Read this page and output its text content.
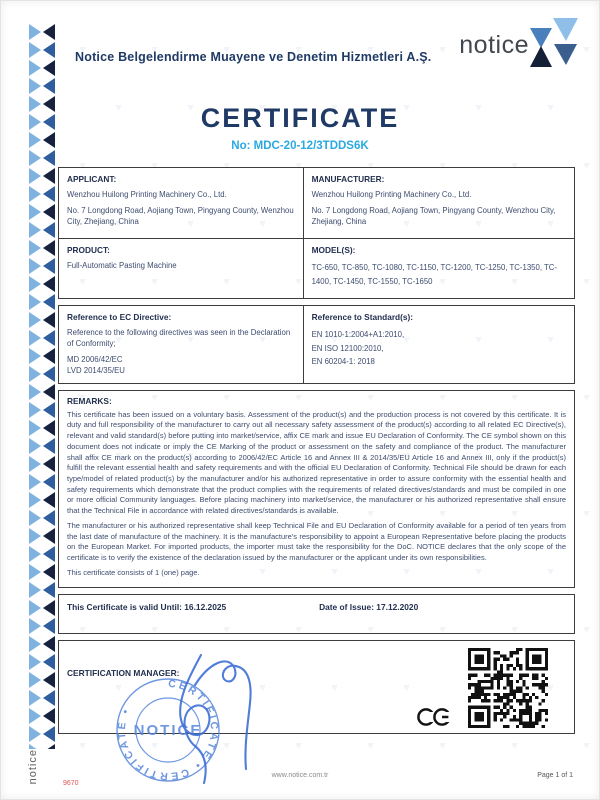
Notice Belgelendirme Muayene ve Denetim Hizmetleri A.Ş. notice
CERTIFICATE
No: MDC-20-12/3TDDS6K
APPLICANT:
Wenzhou Huilong Printing Machinery Co., Ltd.
No. 7 Longdong Road, Aojiang Town, Pingyang County, Wenzhou City, Zhejiang, China
MANUFACTURER:
Wenzhou Huilong Printing Machinery Co., Ltd.
No. 7 Longdong Road, Aojiang Town, Pingyang County, Wenzhou City, Zhejiang, China
PRODUCT:
Full-Automatic Pasting Machine
MODEL(S):
TC-650, TC-850, TC-1080, TC-1150, TC-1200, TC-1250, TC-1350, TC-1400, TC-1450, TC-1550, TC-1650
Reference to EC Directive:
Reference to the following directives was seen in the Declaration of Conformity;
MD 2006/42/EC
LVD 2014/35/EU
Reference to Standard(s):
EN 1010-1:2004+A1:2010,
EN ISO 12100:2010,
EN 60204-1: 2018
REMARKS:

This certificate has been issued on a voluntary basis. Assessment of the product(s) and the production process is not covered by this certificate. It is duty and full responsibility of the manufacturer to carry out all necessary safety assessment of the product(s) according to all related EC Directive(s), relevant and valid standard(s) before putting into market/service, affix CE mark and issue EU Declaration of Conformity. The CE symbol shown on this document does not indicate or imply the CE Marking of the product or assessment on the safety and compliance of the product. The manufacturer shall affix CE mark on the product(s) according to 2006/42/EC Article 16 and Annex III & 2014/35/EU Article 16 and Annex III, only if the product(s) fulfill the relevant essential health and safety requirements and with the official EU Declaration of Conformity. Technical File should be drawn for each type/model of related product(s) by the manufacturer and/or his authorized representative in order to assure conformity with the essential health and safety requirements which demonstrate that the product complies with the requirements of related directives/standards and must be compiled in one or more official Community languages. Before placing machinery into market/service, the manufacturer or his authorized representative shall ensure that the Technical File in accordance with related directives/standards is available.

The manufacturer or his authorized representative shall keep Technical File and EU Declaration of Conformity available for a period of ten years from the last date of manufacture of the machinery. It is the manufacture's responsibility to appoint a European Representative before placing the products on the European Market. For imported products, the importer must take the responsibility for the DoC. NOTICE declares that the only scope of the certificate is to verify the existence of the declaration issued by the manufacturer or the applicant under its own responsibilities.

This certificate consists of 1 (one) page.

This Certificate is valid Until: 16.12.2025	Date of Issue: 17.12.2020
CERTIFICATION MANAGER:
CERTIFICATE • CERTIFICATE •
NOTICE
www.notice.com.tr	Page 1 of 1
9670
notice
